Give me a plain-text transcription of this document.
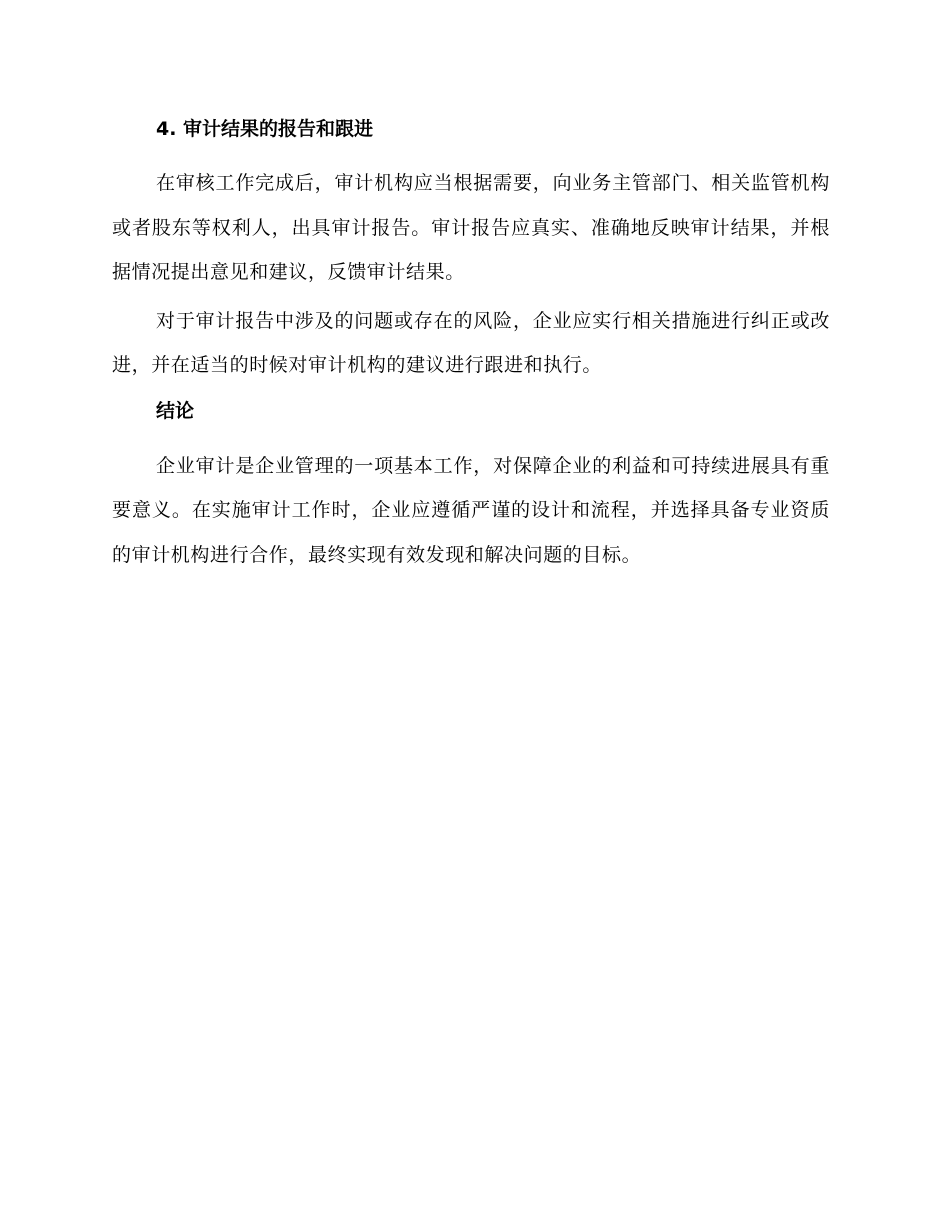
4. 审计结果的报告和跟进

在审核工作完成后，审计机构应当根据需要，向业务主管部门、相关监管机构或者股东等权利人，出具审计报告。审计报告应真实、准确地反映审计结果，并根据情况提出意见和建议，反馈审计结果。

对于审计报告中涉及的问题或存在的风险，企业应实行相关措施进行纠正或改进，并在适当的时候对审计机构的建议进行跟进和执行。

结论

企业审计是企业管理的一项基本工作，对保障企业的利益和可持续进展具有重要意义。在实施审计工作时，企业应遵循严谨的设计和流程，并选择具备专业资质的审计机构进行合作，最终实现有效发现和解决问题的目标。
